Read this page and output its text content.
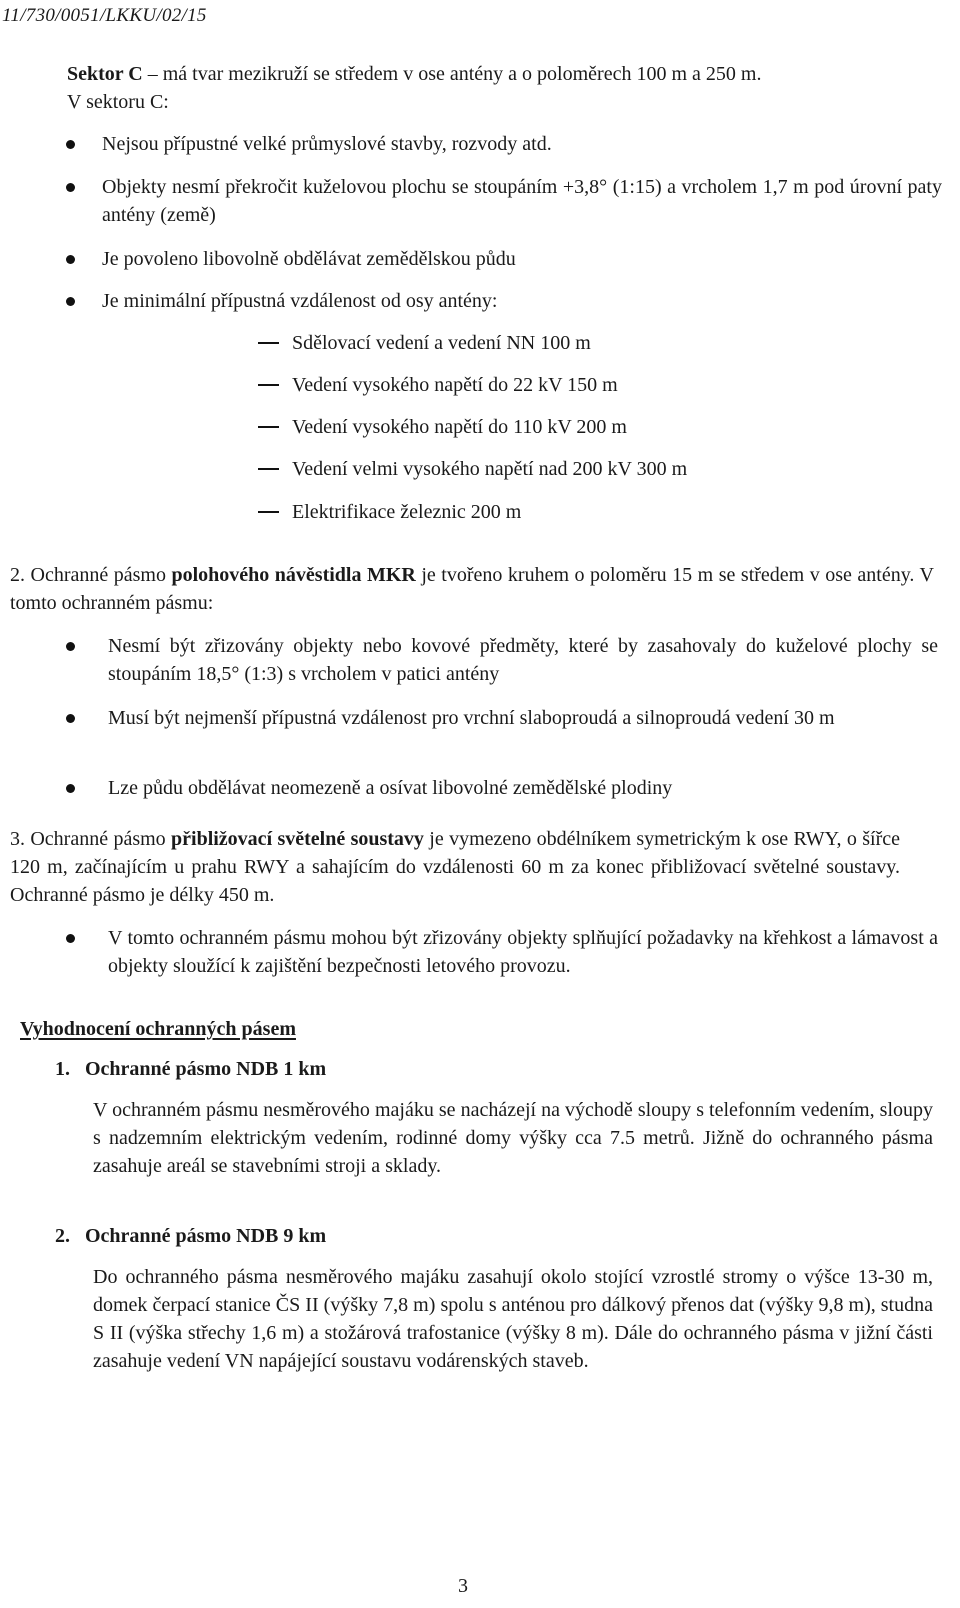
11/730/0051/LKKU/02/15
Sektor C – má tvar mezikruží se středem v ose antény a o poloměrech 100 m a 250 m.
V sektoru C:
Nejsou přípustné velké průmyslové stavby, rozvody atd.
Objekty nesmí překročit kuželovou plochu se stoupáním +3,8° (1:15) a vrcholem 1,7 m pod úrovní paty antény (země)
Je povoleno libovolně obdělávat zemědělskou půdu
Je minimální přípustná vzdálenost od osy antény:
Sdělovací vedení a vedení NN 100 m
Vedení vysokého napětí do 22 kV 150 m
Vedení vysokého napětí do 110 kV 200 m
Vedení velmi vysokého napětí nad 200 kV 300 m
Elektrifikace železnic 200 m
2. Ochranné pásmo polohového návěstidla MKR je tvořeno kruhem o poloměru 15 m se středem v ose antény. V tomto ochranném pásmu:
Nesmí být zřizovány objekty nebo kovové předměty, které by zasahovaly do kuželové plochy se stoupáním 18,5° (1:3) s vrcholem v patici antény
Musí být nejmenší přípustná vzdálenost pro vrchní slaboproudá a silnoproudá vedení 30 m
Lze půdu obdělávat neomezeně a osívat libovolné zemědělské plodiny
3. Ochranné pásmo přibližovací světelné soustavy je vymezeno obdélníkem symetrickým k ose RWY, o šířce 120 m, začínajícím u prahu RWY a sahajícím do vzdálenosti 60 m za konec přibližovací světelné soustavy. Ochranné pásmo je délky 450 m.
V tomto ochranném pásmu mohou být zřizovány objekty splňující požadavky na křehkost a lámavost a objekty sloužící k zajištění bezpečnosti letového provozu.
Vyhodnocení ochranných pásem
1. Ochranné pásmo NDB 1 km
V ochranném pásmu nesměrového majáku se nacházejí na východě sloupy s telefonním vedením, sloupy s nadzemním elektrickým vedením, rodinné domy výšky cca 7.5 metrů. Jižně do ochranného pásma zasahuje areál se stavebními stroji a sklady.
2. Ochranné pásmo NDB 9 km
Do ochranného pásma nesměrového majáku zasahují okolo stojící vzrostlé stromy o výšce 13-30 m, domek čerpací stanice ČS II (výšky 7,8 m) spolu s anténou pro dálkový přenos dat (výšky 9,8 m), studna S II (výška střechy 1,6 m) a stožárová trafostanice (výšky 8 m). Dále do ochranného pásma v jižní části zasahuje vedení VN napájející soustavu vodárenských staveb.
3
